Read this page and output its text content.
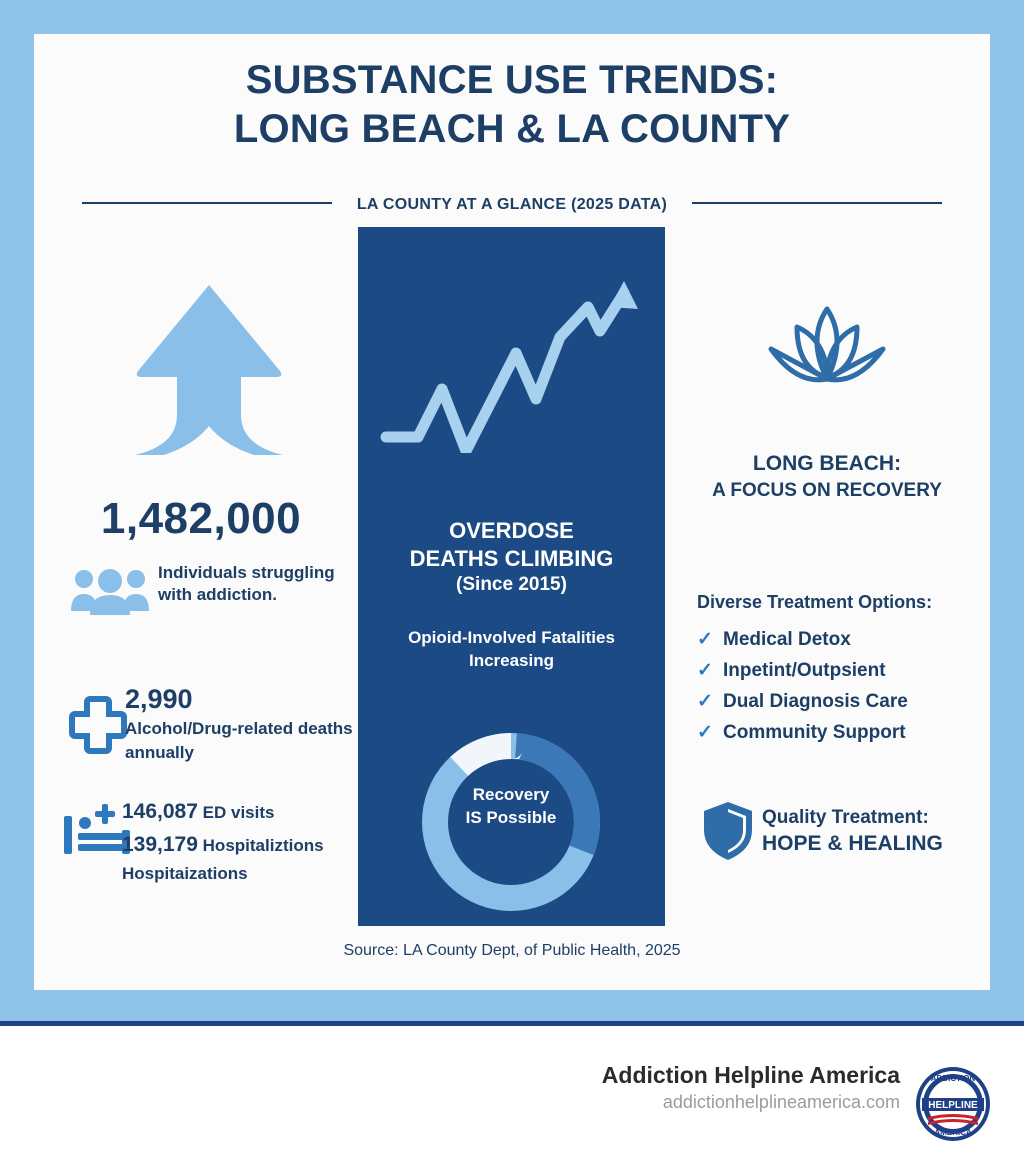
SUBSTANCE USE TRENDS:
LONG BEACH & LA COUNTY
LA COUNTY AT A GLANCE (2025 DATA)
1,482,000
Individuals struggling with addiction.
2,990
Alcohol/Drug-related deaths annually
146,087 ED visits
139,179 Hospitaliztions
Hospitaizations
OVERDOSE
DEATHS CLIMBING
(Since 2015)
Opioid-Involved Fatalities
Increasing
Recovery
IS Possible
LONG BEACH:
A FOCUS ON RECOVERY
Diverse Treatment Options:
✓ Medical Detox
✓ Inpetint/Outpsient
✓ Dual Diagnosis Care
✓ Community Support
Quality Treatment:
HOPE & HEALING
Source: LA County Dept, of Public Health, 2025
Addiction Helpline America
addictionhelplineamerica.com
ADDICTION
HELPLINE
AMERICA
